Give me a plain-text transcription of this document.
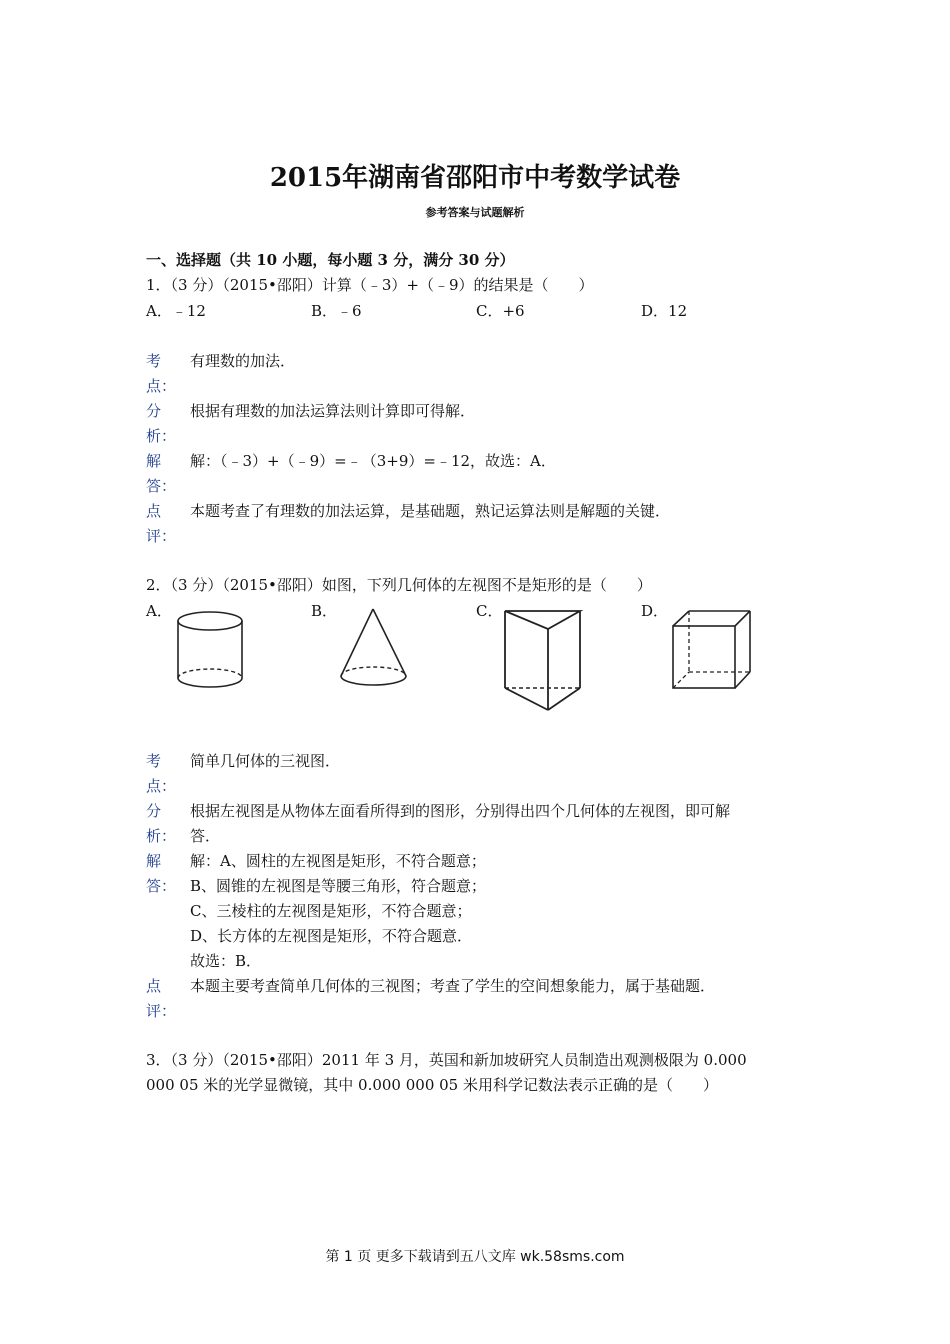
2015年湖南省邵阳市中考数学试卷
参考答案与试题解析
一、选择题（共 10 小题，每小题 3 分，满分 30 分）
1．（3 分）（2015•邵阳）计算（﹣3）+（﹣9）的结果是（　　）
A．﹣12	B．﹣6	C．+6	D．12
考
点：
有理数的加法．
分
析：
根据有理数的加法运算法则计算即可得解．
解
答：
解：（﹣3）+（﹣9）=﹣（3+9）=﹣12，故选：A．
点
评：
本题考查了有理数的加法运算，是基础题，熟记运算法则是解题的关键．
2．（3 分）（2015•邵阳）如图，下列几何体的左视图不是矩形的是（　　）
A．	B．	C．	D．
考
点：
简单几何体的三视图．
分
析：
根据左视图是从物体左面看所得到的图形，分别得出四个几何体的左视图，即可解
答．
解
答：
解：A、圆柱的左视图是矩形，不符合题意；
B、圆锥的左视图是等腰三角形，符合题意；
C、三棱柱的左视图是矩形，不符合题意；
D、长方体的左视图是矩形，不符合题意．
故选：B．
点
评：
本题主要考查简单几何体的三视图；考查了学生的空间想象能力，属于基础题．
3．（3 分）（2015•邵阳）2011 年 3 月，英国和新加坡研究人员制造出观测极限为 0.000
000 05 米的光学显微镜，其中 0.000 000 05 米用科学记数法表示正确的是（　　）
第 1 页 更多下载请到五八文库 wk.58sms.com
